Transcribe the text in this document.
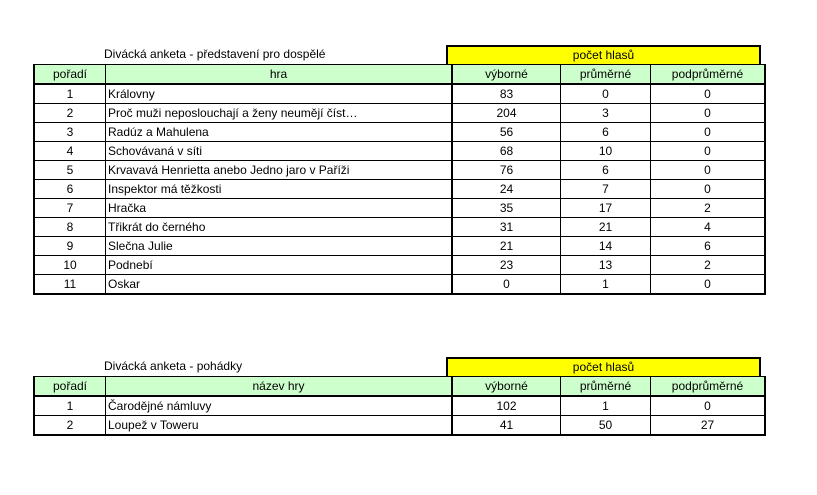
Divácká anketa - představení pro dospělé	počet hlasů
pořadí	hra	výborné	průměrné	podprůměrné
1	Královny	83	0	0
2	Proč muži neposlouchají a ženy neumějí číst…	204	3	0
3	Radúz a Mahulena	56	6	0
4	Schovávaná v síti	68	10	0
5	Krvavavá Henrietta anebo Jedno jaro v Paříži	76	6	0
6	Inspektor má těžkosti	24	7	0
7	Hračka	35	17	2
8	Třikrát do černého	31	21	4
9	Slečna Julie	21	14	6
10	Podnebí	23	13	2
11	Oskar	0	1	0
Divácká anketa - pohádky	počet hlasů
pořadí	název hry	výborné	průměrné	podprůměrné
1	Čarodějné námluvy	102	1	0
2	Loupež v Toweru	41	50	27
